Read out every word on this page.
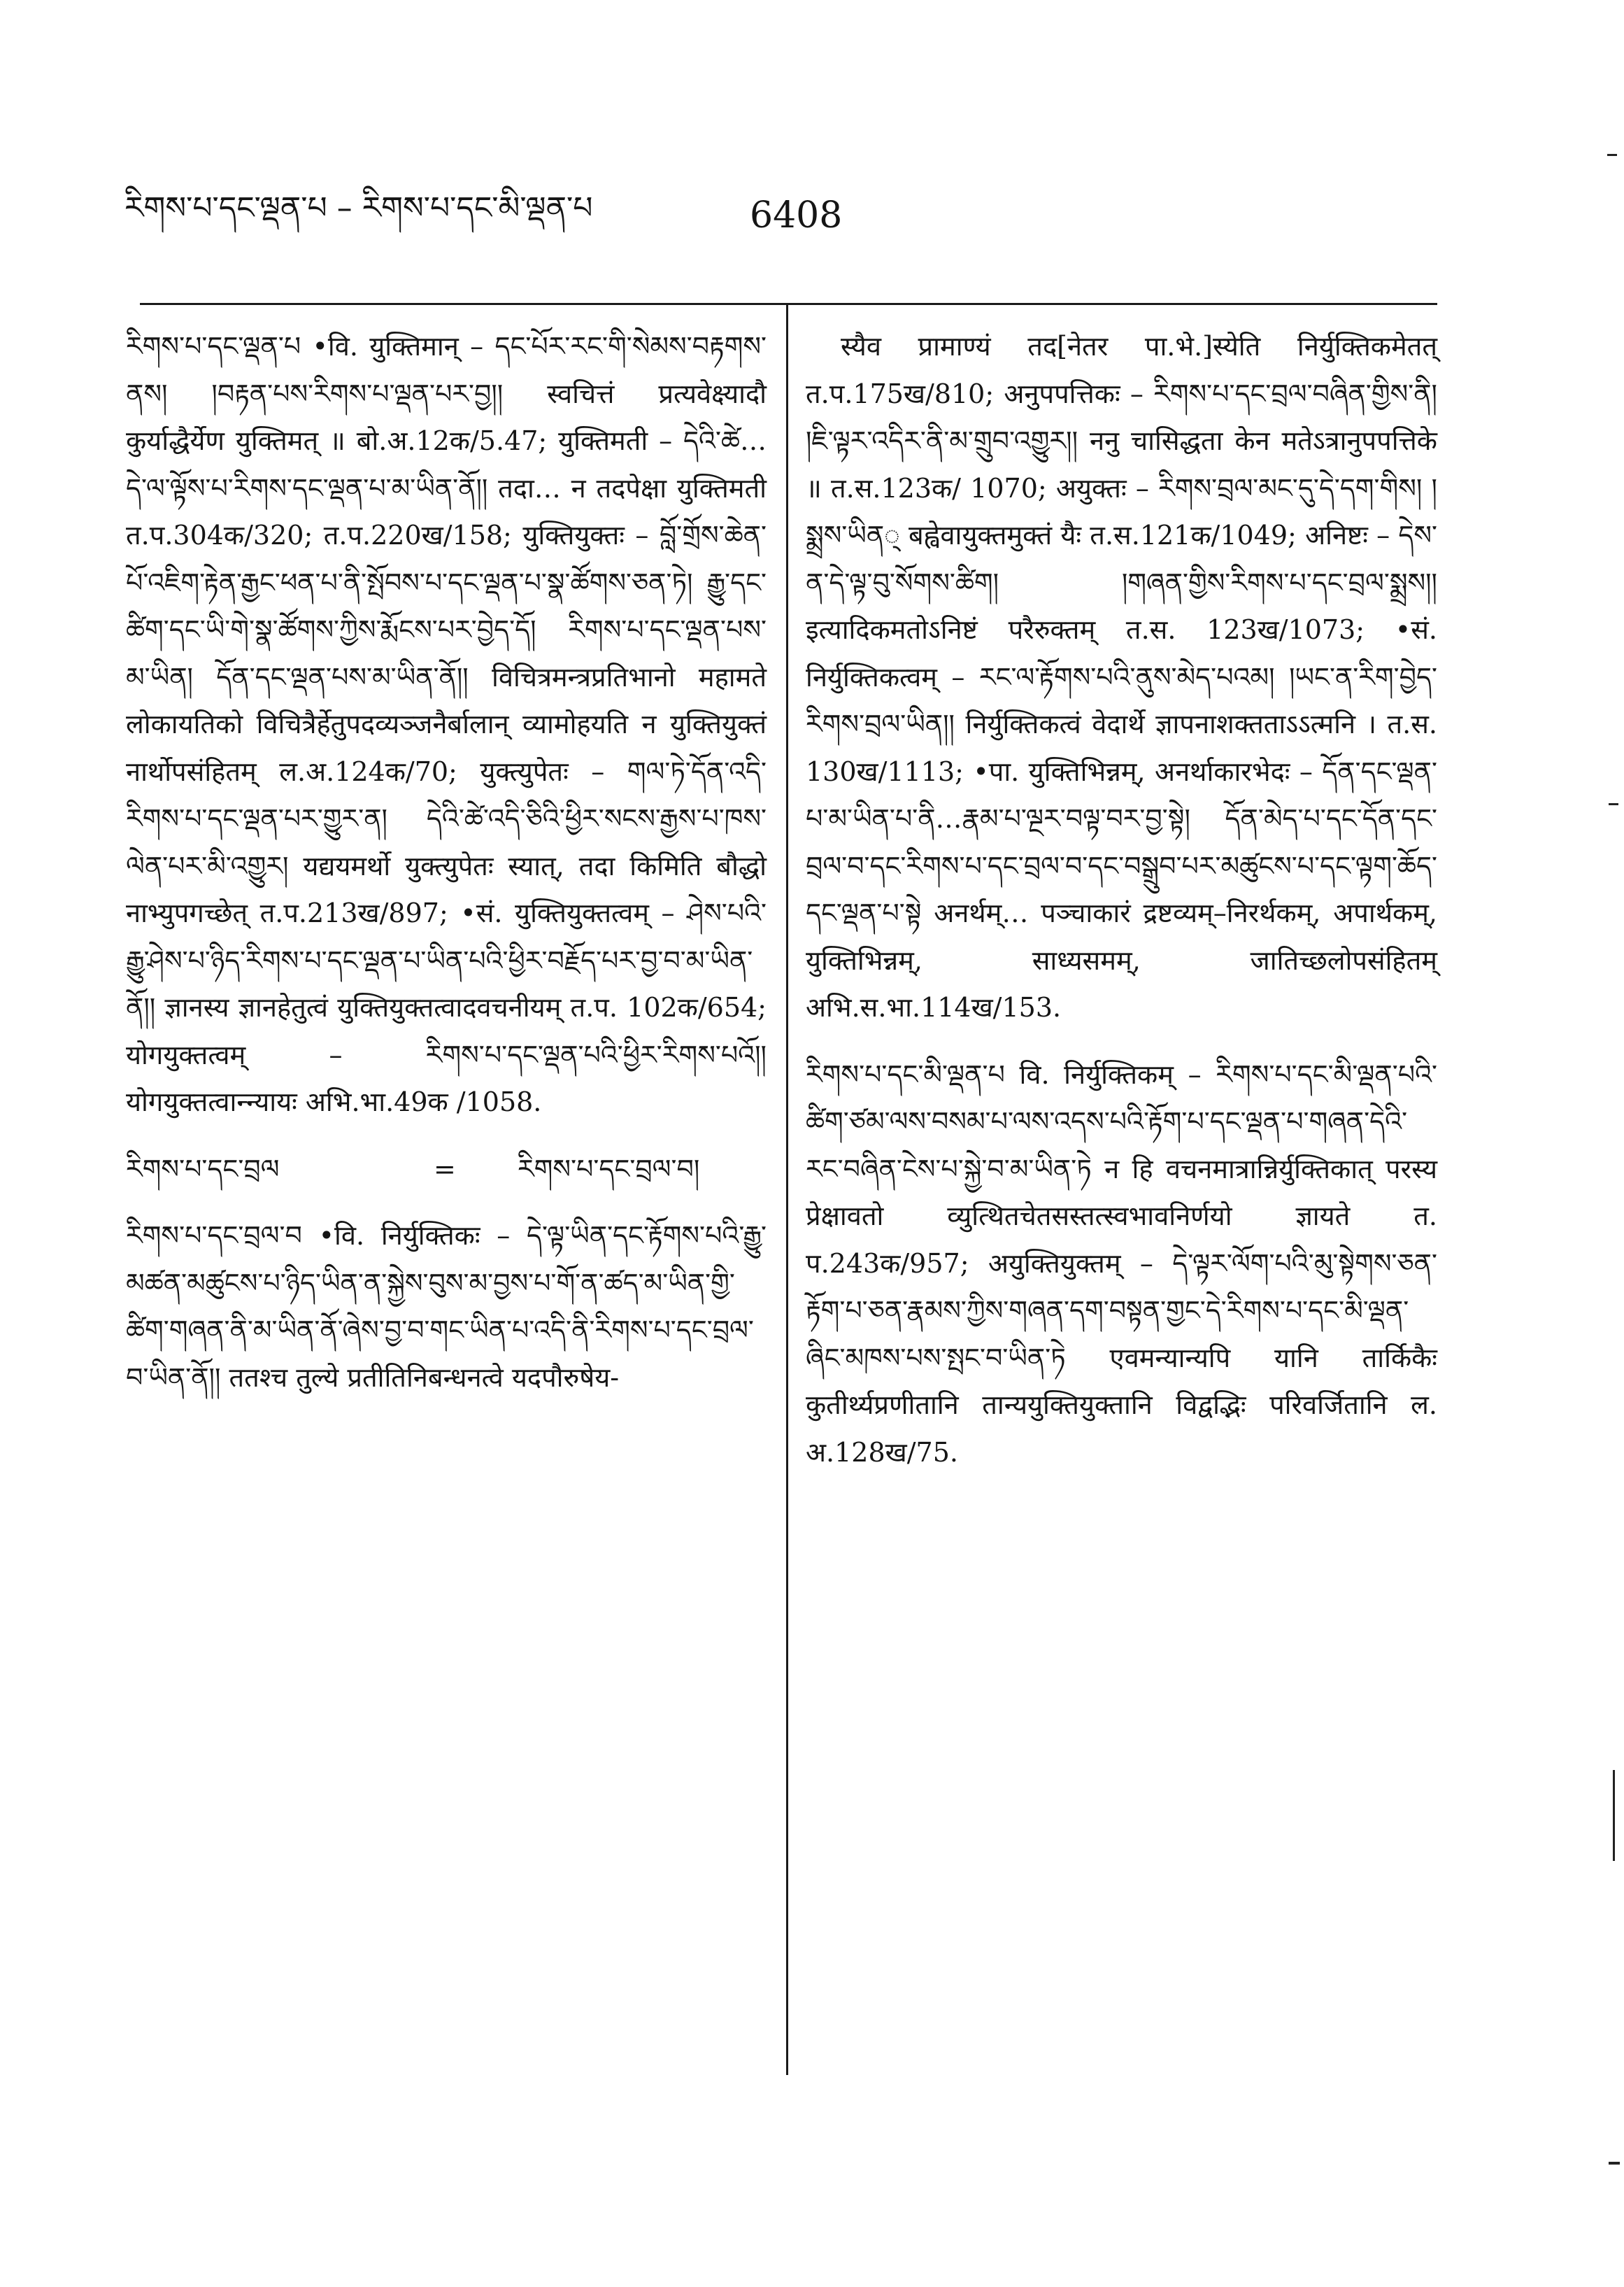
རིགས་པ་དང་ལྡན་པ – རིགས་པ་དང་མི་ལྡན་པ	6408

རིགས་པ་དང་ལྡན་པ •वि. युक्तिमान् – དང་པོར་རང་གི་སེམས་བརྟགས་ནས། །བརྟན་པས་རིགས་པ་ལྡན་པར་བྱ།། स्वचित्तं प्रत्यवेक्ष्यादौ कुर्याद्धैर्येण युक्तिमत् ॥ बो.अ.12क/5.47; युक्तिमती – དེའི་ཚེ…དེ་ལ་ལྟོས་པ་རིགས་དང་ལྡན་པ་མ་ཡིན་ནོ།། तदा… न तदपेक्षा युक्तिमती त.प.304क/320; त.प.220ख/158; युक्तियुक्तः – བློ་གྲོས་ཆེན་པོ་འཇིག་རྟེན་རྒྱང་ཕན་པ་ནི་སྤོབས་པ་དང་ལྡན་པ་སྣ་ཚོགས་ཅན་ཏེ། རྒྱུ་དང་ཚིག་དང་ཡི་གེ་སྣ་ཚོགས་ཀྱིས་རྨོངས་པར་བྱེད་དོ། རིགས་པ་དང་ལྡན་པས་མ་ཡིན། དོན་དང་ལྡན་པས་མ་ཡིན་ནོ།། विचित्रमन्त्रप्रतिभानो महामते लोकायतिको विचित्रैर्हेतुपदव्यञ्जनैर्बालान् व्यामोहयति न युक्तियुक्तं नार्थोपसंहितम् ल.अ.124क/70; युक्त्युपेतः – གལ་ཏེ་དོན་འདི་རིགས་པ་དང་ལྡན་པར་གྱུར་ན། དེའི་ཚེ་འདི་ཅིའི་ཕྱིར་སངས་རྒྱས་པ་ཁས་ལེན་པར་མི་འགྱུར། यद्ययमर्थो युक्त्युपेतः स्यात्, तदा किमिति बौद्धो नाभ्युपगच्छेत् त.प.213ख/897; •सं. युक्तियुक्तत्वम् – ཤེས་པའི་རྒྱུ་ཤེས་པ་ཉིད་རིགས་པ་དང་ལྡན་པ་ཡིན་པའི་ཕྱིར་བརྗོད་པར་བྱ་བ་མ་ཡིན་ནོ།། ज्ञानस्य ज्ञानहेतुत्वं युक्तियुक्तत्वादवचनीयम् त.प. 102क/654; योगयुक्तत्वम् – རིགས་པ་དང་ལྡན་པའི་ཕྱིར་རིགས་པའོ།། योगयुक्तत्वान्न्यायः अभि.भा.49क /1058.

རིགས་པ་དང་བྲལ	=	རིགས་པ་དང་བྲལ་བ།

རིགས་པ་དང་བྲལ་བ •वि. निर्युक्तिकः – དེ་ལྟ་ཡིན་དང་རྟོགས་པའི་རྒྱུ་མཚན་མཚུངས་པ་ཉིད་ཡིན་ན་སྐྱེས་བུས་མ་བྱས་པ་གོ་ན་ཚད་མ་ཡིན་གྱི་ཚིག་གཞན་ནི་མ་ཡིན་ནོ་ཞེས་བྱ་བ་གང་ཡིན་པ་འདི་ནི་རིགས་པ་དང་བྲལ་བ་ཡིན་ནོ།། ततश्च तुल्ये प्रतीतिनिबन्धनत्वे यदपौरुषेय-

स्यैव प्रामाण्यं तद[नेतर पा.भे.]स्येति निर्युक्तिकमेतत् त.प.175ख/810; अनुपपत्तिकः – རིགས་པ་དང་བྲལ་བཞིན་གྱིས་ནི། །ཇི་ལྟར་འདིར་ནི་མ་གྲུབ་འགྱུར།། ननु चासिद्धता केन मतेऽत्रानुपपत्तिके ॥ त.स.123क/ 1070; अयुक्तः – རིགས་བྲལ་མང་དུ་དེ་དག་གིས། །སྨྲས་ཡིན् बह्वेवायुक्तमुक्तं यैः त.स.121क/1049; अनिष्टः – དེས་ན་དེ་ལྟ་བུ་སོགས་ཚིག། །གཞན་གྱིས་རིགས་པ་དང་བྲལ་སྨྲས།། इत्यादिकमतोऽनिष्टं परैरुक्तम् त.स. 123ख/1073; •सं. निर्युक्तिकत्वम् – རང་ལ་རྟོགས་པའི་ནུས་མེད་པའམ། །ཡང་ན་རིག་བྱེད་རིགས་བྲལ་ཡིན།། निर्युक्तिकत्वं वेदार्थे ज्ञापनाशक्तताऽऽत्मनि । त.स. 130ख/1113; •पा. युक्तिभिन्नम्, अनर्थाकारभेदः – དོན་དང་ལྡན་པ་མ་ཡིན་པ་ནི…རྣམ་པ་ལྔར་བལྟ་བར་བྱ་སྟེ། དོན་མེད་པ་དང་དོན་དང་བྲལ་བ་དང་རིགས་པ་དང་བྲལ་བ་དང་བསྒྲུབ་པར་མཚུངས་པ་དང་ལྟག་ཆོད་དང་ལྡན་པ་སྟེ अनर्थम्… पञ्चाकारं द्रष्टव्यम्–निरर्थकम्, अपार्थकम्, युक्तिभिन्नम्, साध्यसमम्, जातिच्छलोपसंहितम् अभि.स.भा.114ख/153.

རིགས་པ་དང་མི་ལྡན་པ वि. निर्युक्तिकम् – རིགས་པ་དང་མི་ལྡན་པའི་ཚིག་ཙམ་ལས་བསམ་པ་ལས་འདས་པའི་རྟོག་པ་དང་ལྡན་པ་གཞན་དེའི་རང་བཞིན་ངེས་པ་སྐྱེ་བ་མ་ཡིན་ཏེ न हि वचनमात्रान्निर्युक्तिकात् परस्य प्रेक्षावतो व्युत्थितचेतसस्तत्स्वभावनिर्णयो ज्ञायते त. प.243क/957; अयुक्तियुक्तम् – དེ་ལྟར་ལོག་པའི་མུ་སྟེགས་ཅན་རྟོག་པ་ཅན་རྣམས་ཀྱིས་གཞན་དག་བསྟན་གྱང་དེ་རིགས་པ་དང་མི་ལྡན་ཞིང་མཁས་པས་སྤང་བ་ཡིན་ཏེ एवमन्यान्यपि यानि तार्किकैः कुतीर्थ्यप्रणीतानि तान्ययुक्तियुक्तानि विद्वद्भिः परिवर्जितानि ल. अ.128ख/75.
